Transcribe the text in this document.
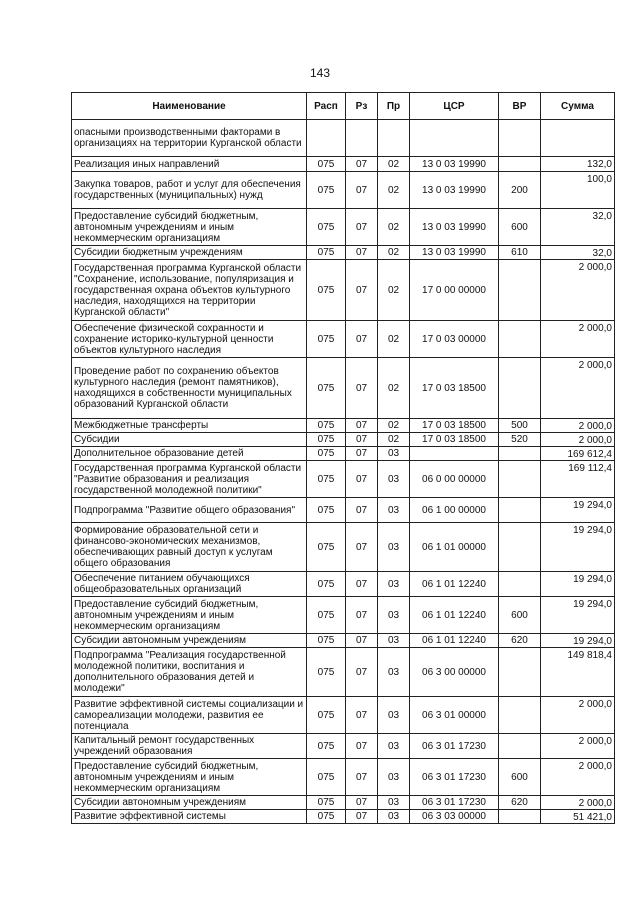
143
Наименование	Расп	Рз	Пр	ЦСР	ВР	Сумма
опасными производственными факторами в организациях на территории Курганской области						
Реализация иных направлений	075	07	02	13 0 03 19990		132,0
Закупка товаров, работ и услуг для обеспечения государственных (муниципальных) нужд	075	07	02	13 0 03 19990	200	100,0
Предоставление субсидий бюджетным, автономным учреждениям и иным некоммерческим организациям	075	07	02	13 0 03 19990	600	32,0
Субсидии бюджетным учреждениям	075	07	02	13 0 03 19990	610	32,0
Государственная программа Курганской области "Сохранение, использование, популяризация и государственная охрана объектов культурного наследия, находящихся на территории Курганской области"	075	07	02	17 0 00 00000		2 000,0
Обеспечение физической сохранности и сохранение историко-культурной ценности объектов культурного наследия	075	07	02	17 0 03 00000		2 000,0
Проведение работ по сохранению объектов культурного наследия (ремонт памятников), находящихся в собственности муниципальных образований Курганской области	075	07	02	17 0 03 18500		2 000,0
Межбюджетные трансферты	075	07	02	17 0 03 18500	500	2 000,0
Субсидии	075	07	02	17 0 03 18500	520	2 000,0
Дополнительное образование детей	075	07	03			169 612,4
Государственная программа Курганской области "Развитие образования и реализация государственной молодежной политики"	075	07	03	06 0 00 00000		169 112,4
Подпрограмма "Развитие общего образования"	075	07	03	06 1 00 00000		19 294,0
Формирование образовательной сети и финансово-экономических механизмов, обеспечивающих равный доступ к услугам общего образования	075	07	03	06 1 01 00000		19 294,0
Обеспечение питанием обучающихся общеобразовательных организаций	075	07	03	06 1 01 12240		19 294,0
Предоставление субсидий бюджетным, автономным учреждениям и иным некоммерческим организациям	075	07	03	06 1 01 12240	600	19 294,0
Субсидии автономным учреждениям	075	07	03	06 1 01 12240	620	19 294,0
Подпрограмма "Реализация государственной молодежной политики, воспитания и дополнительного образования детей и молодежи"	075	07	03	06 3 00 00000		149 818,4
Развитие эффективной системы социализации и самореализации молодежи, развития ее потенциала	075	07	03	06 3 01 00000		2 000,0
Капитальный ремонт государственных учреждений образования	075	07	03	06 3 01 17230		2 000,0
Предоставление субсидий бюджетным, автономным учреждениям и иным некоммерческим организациям	075	07	03	06 3 01 17230	600	2 000,0
Субсидии автономным учреждениям	075	07	03	06 3 01 17230	620	2 000,0
Развитие эффективной системы	075	07	03	06 3 03 00000		51 421,0
